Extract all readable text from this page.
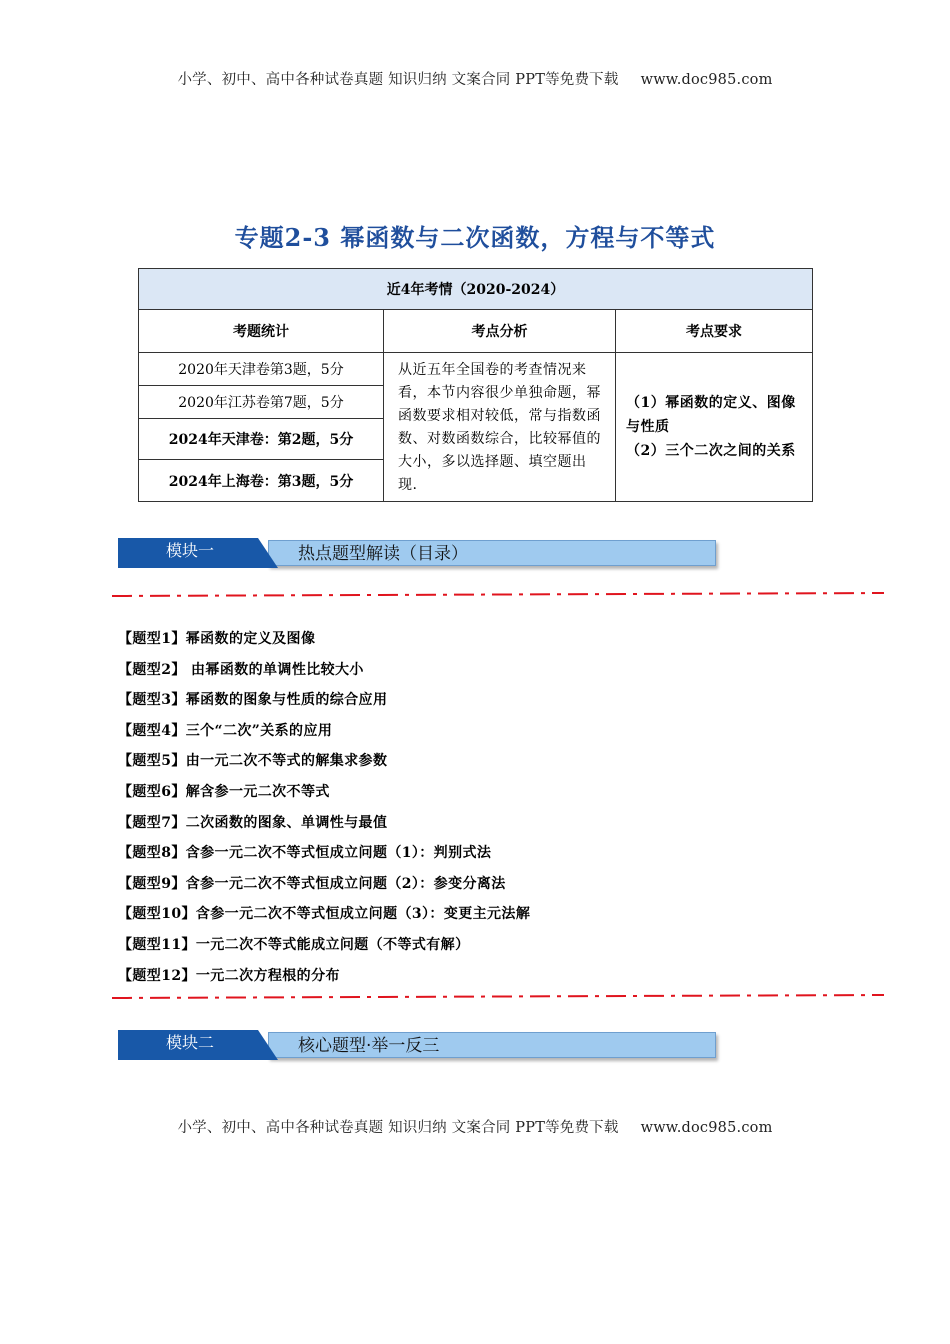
小学、初中、高中各种试卷真题 知识归纳 文案合同 PPT等免费下载 www.doc985.com
专题2-3 幂函数与二次函数，方程与不等式
近4年考情（2020-2024）		
考题统计	考点分析	考点要求
2020年天津卷第3题，5分	从近五年全国卷的考查情况来看，本节内容很少单独命题，幂函数要求相对较低，常与指数函数、对数函数综合，比较幂值的大小，多以选择题、填空题出现.	（1）幂函数的定义、图像与性质
（2）三个二次之间的关系

2020年江苏卷第7题，5分		
2024年天津卷：第2题，5分		
2024年上海卷：第3题，5分		
模块一	热点题型解读（目录）
【题型1】幂函数的定义及图像
【题型2】 由幂函数的单调性比较大小
【题型3】幂函数的图象与性质的综合应用
【题型4】三个“二次”关系的应用
【题型5】由一元二次不等式的解集求参数
【题型6】解含参一元二次不等式
【题型7】二次函数的图象、单调性与最值
【题型8】含参一元二次不等式恒成立问题（1）：判别式法
【题型9】含参一元二次不等式恒成立问题（2）：参变分离法
【题型10】含参一元二次不等式恒成立问题（3）：变更主元法解
【题型11】一元二次不等式能成立问题（不等式有解）
【题型12】一元二次方程根的分布
模块二	核心题型·举一反三
小学、初中、高中各种试卷真题 知识归纳 文案合同 PPT等免费下载 www.doc985.com
